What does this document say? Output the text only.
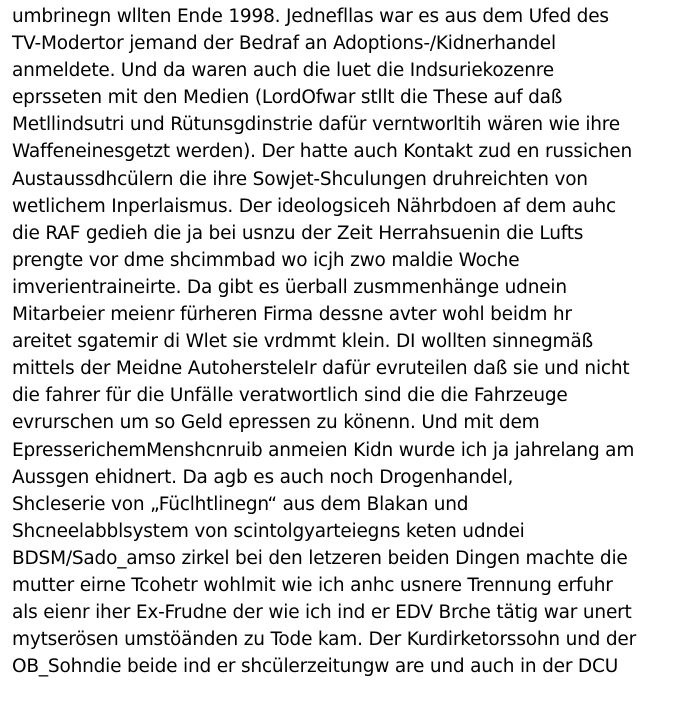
umbrinegn wllten Ende 1998. Jednefllas war es aus dem Ufed des
TV-Modertor jemand der Bedraf an Adoptions-/Kidnerhandel
anmeldete. Und da waren auch die luet die Indsuriekozenre
eprsseten mit den Medien (LordOfwar stllt die These auf daß
Metllindsutri und Rütunsgdinstrie dafür verntworltih wären wie ihre
Waffeneinesgetzt werden). Der hatte auch Kontakt zud en russichen
Austaussdhcülern die ihre Sowjet-Shculungen druhreichten von
wetlichem Inperlaismus. Der ideologsiceh Nährbdoen af dem auhc
die RAF gedieh die ja bei usnzu der Zeit Herrahsuenin die Lufts
prengte vor dme shcimmbad wo icjh zwo maldie Woche
imverientraineirte. Da gibt es üerball zusmmenhänge udnein
Mitarbeier meienr fürheren Firma dessne avter wohl beidm hr
areitet sgatemir di Wlet sie vrdmmt klein. DI wollten sinnegmäß
mittels der Meidne AutohersteleIr dafür evruteilen daß sie und nicht
die fahrer für die Unfälle veratwortlich sind die die Fahrzeuge
evrurschen um so Geld epressen zu könenn. Und mit dem
EpresserichemMenshcnruib anmeien Kidn wurde ich ja jahrelang am
Aussgen ehidnert. Da agb es auch noch Drogenhandel,
Shcleserie von „Füclhtlinegn“ aus dem Blakan und
Shcneelabblsystem von scintolgyarteiegns keten udndei
BDSM/Sado_amso zirkel bei den letzeren beiden Dingen machte die
mutter eirne Tcohetr wohlmit wie ich anhc usnere Trennung erfuhr
als eienr iher Ex-Frudne der wie ich ind er EDV Brche tätig war unert
mytserösen umstöänden zu Tode kam. Der Kurdirketorssohn und der
OB_Sohndie beide ind er shcülerzeitungw are und auch in der DCU
